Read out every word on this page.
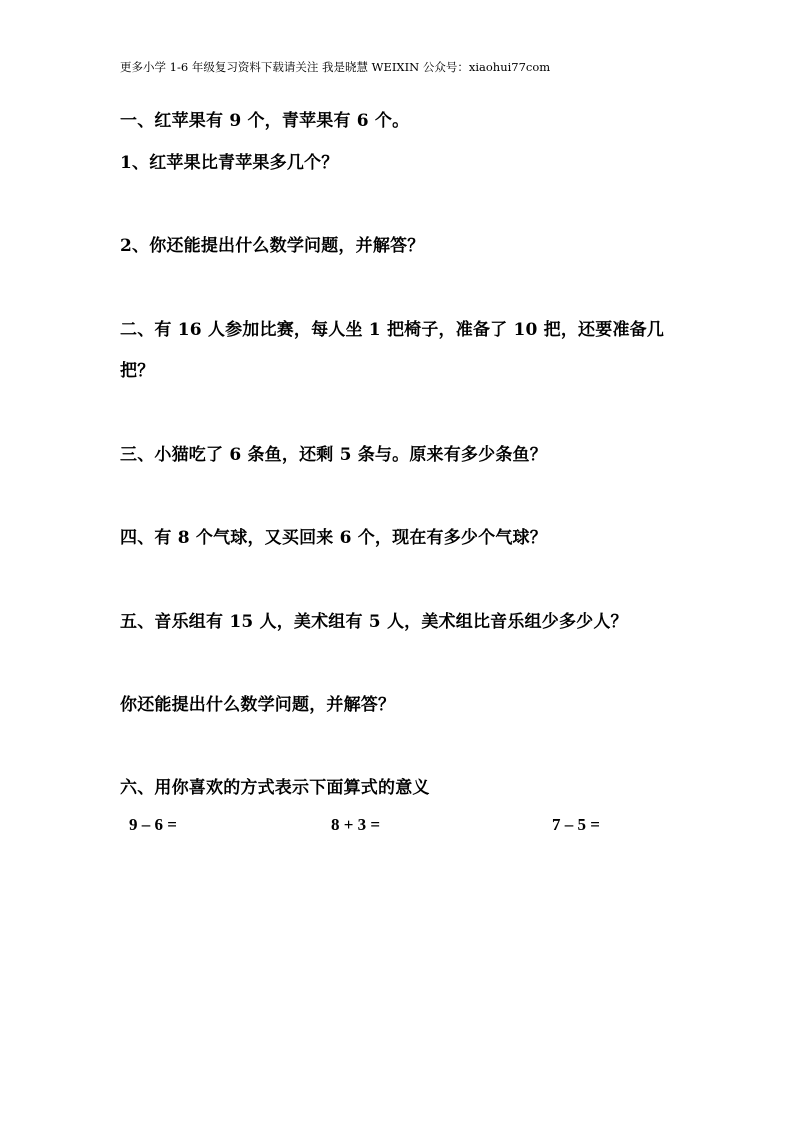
更多小学 1-6 年级复习资料下载请关注 我是晓慧 WEIXIN 公众号：xiaohui77com
一、红苹果有 9 个，青苹果有 6 个。
1、红苹果比青苹果多几个？
2、你还能提出什么数学问题，并解答？
二、有 16 人参加比赛，每人坐 1 把椅子，准备了 10 把，还要准备几
把？
三、小猫吃了 6 条鱼，还剩 5 条与。原来有多少条鱼？
四、有 8 个气球，又买回来 6 个，现在有多少个气球？
五、音乐组有 15 人，美术组有 5 人，美术组比音乐组少多少人？
你还能提出什么数学问题，并解答？
六、用你喜欢的方式表示下面算式的意义
9 – 6 =	8 + 3 =	7 – 5 =
